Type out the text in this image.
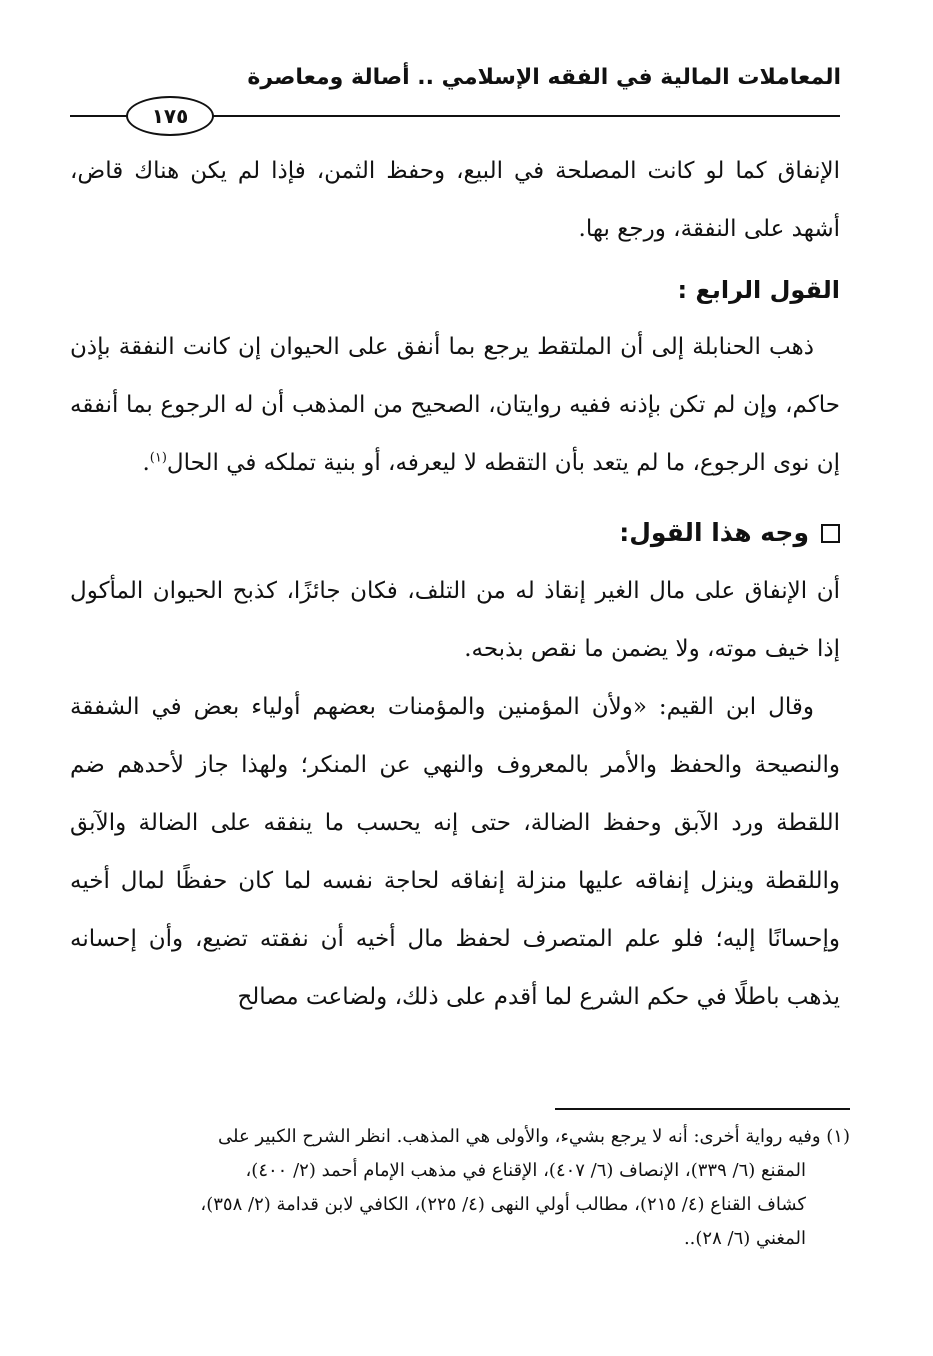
المعاملات المالية في الفقه الإسلامي .. أصالة ومعاصرة
١٧٥

الإنفاق كما لو كانت المصلحة في البيع، وحفظ الثمن، فإذا لم يكن هناك قاض، أشهد على النفقة، ورجع بها.

القول الرابع :

ذهب الحنابلة إلى أن الملتقط يرجع بما أنفق على الحيوان إن كانت النفقة بإذن حاكم، وإن لم تكن بإذنه ففيه روايتان، الصحيح من المذهب أن له الرجوع بما أنفقه إن نوى الرجوع، ما لم يتعد بأن التقطه لا ليعرفه، أو بنية تملكه في الحال$^{(١)}$.

وجه هذا القول:

أن الإنفاق على مال الغير إنقاذ له من التلف، فكان جائزًا، كذبح الحيوان المأكول إذا خيف موته، ولا يضمن ما نقص بذبحه.

وقال ابن القيم: «ولأن المؤمنين والمؤمنات بعضهم أولياء بعض في الشفقة والنصيحة والحفظ والأمر بالمعروف والنهي عن المنكر؛ ولهذا جاز لأحدهم ضم اللقطة ورد الآبق وحفظ الضالة، حتى إنه يحسب ما ينفقه على الضالة والآبق واللقطة وينزل إنفاقه عليها منزلة إنفاقه لحاجة نفسه لما كان حفظًا لمال أخيه وإحسانًا إليه؛ فلو علم المتصرف لحفظ مال أخيه أن نفقته تضيع، وأن إحسانه يذهب باطلًا في حكم الشرع لما أقدم على ذلك، ولضاعت مصالح

(١) وفيه رواية أخرى: أنه لا يرجع بشيء، والأولى هي المذهب. انظر الشرح الكبير على
المقنع (٦/ ٣٣٩)، الإنصاف (٦/ ٤٠٧)، الإقناع في مذهب الإمام أحمد (٢/ ٤٠٠)،
كشاف القناع (٤/ ٢١٥)، مطالب أولي النهى (٤/ ٢٢٥)، الكافي لابن قدامة (٢/ ٣٥٨)،
المغني (٦/ ٢٨)..
